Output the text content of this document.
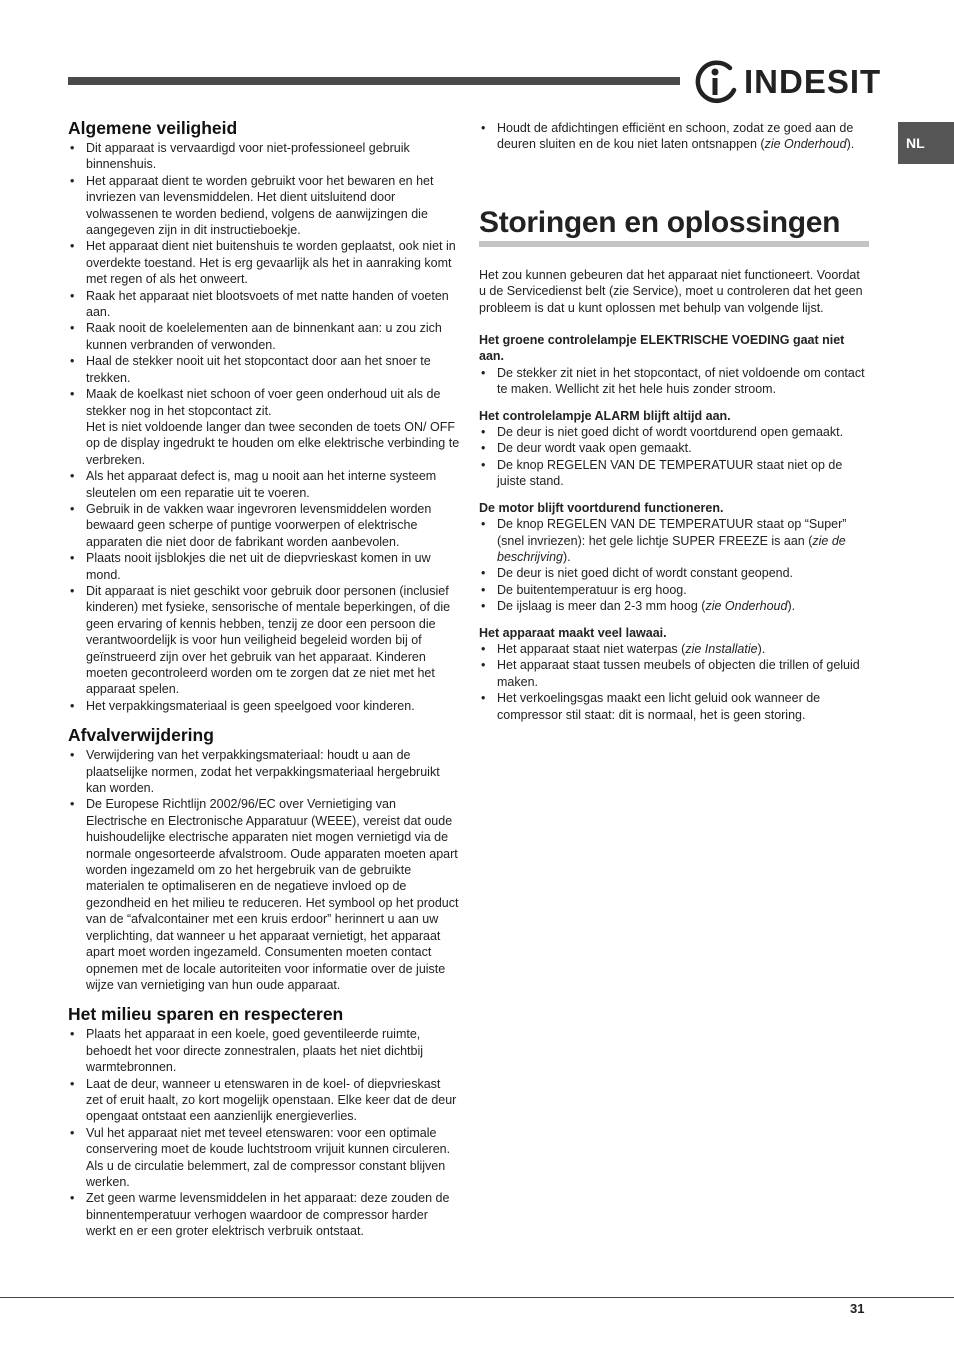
INDESIT
NL
Algemene veiligheid
• Dit apparaat is vervaardigd voor niet-professioneel gebruik binnenshuis.
• Het apparaat dient te worden gebruikt voor het bewaren en het invriezen van levensmiddelen. Het dient uitsluitend door volwassenen te worden bediend, volgens de aanwijzingen die aangegeven zijn in dit instructieboekje.
• Het apparaat dient niet buitenshuis te worden geplaatst, ook niet in overdekte toestand. Het is erg gevaarlijk als het in aanraking komt met regen of als het onweert.
• Raak het apparaat niet blootsvoets of met natte handen of voeten aan.
• Raak nooit de koelelementen aan de binnenkant aan: u zou zich kunnen verbranden of verwonden.
• Haal de stekker nooit uit het stopcontact door aan het snoer te trekken.
• Maak de koelkast niet schoon of voer geen onderhoud uit als de stekker nog in het stopcontact zit.
Het is niet voldoende langer dan twee seconden de toets ON/ OFF op de display ingedrukt te houden om elke elektrische verbinding te verbreken.
• Als het apparaat defect is, mag u nooit aan het interne systeem sleutelen om een reparatie uit te voeren.
• Gebruik in de vakken waar ingevroren levensmiddelen worden bewaard geen scherpe of puntige voorwerpen of elektrische apparaten die niet door de fabrikant worden aanbevolen.
• Plaats nooit ijsblokjes die net uit de diepvrieskast komen in uw mond.
• Dit apparaat is niet geschikt voor gebruik door personen (inclusief kinderen) met fysieke, sensorische of mentale beperkingen, of die geen ervaring of kennis hebben, tenzij ze door een persoon die verantwoordelijk is voor hun veiligheid begeleid worden bij of geïnstrueerd zijn over het gebruik van het apparaat. Kinderen moeten gecontroleerd worden om te zorgen dat ze niet met het apparaat spelen.
• Het verpakkingsmateriaal is geen speelgoed voor kinderen.
Afvalverwijdering
• Verwijdering van het verpakkingsmateriaal: houdt u aan de plaatselijke normen, zodat het verpakkingsmateriaal hergebruikt kan worden.
• De Europese Richtlijn 2002/96/EC over Vernietiging van Electrische en Electronische Apparatuur (WEEE), vereist dat oude huishoudelijke electrische apparaten niet mogen vernietigd via de normale ongesorteerde afvalstroom. Oude apparaten moeten apart worden ingezameld om zo het hergebruik van de gebruikte materialen te optimaliseren en de negatieve invloed op de gezondheid en het milieu te reduceren. Het symbool op het product van de “afvalcontainer met een kruis erdoor” herinnert u aan uw verplichting, dat wanneer u het apparaat vernietigt, het apparaat apart moet worden ingezameld. Consumenten moeten contact opnemen met de locale autoriteiten voor informatie over de juiste wijze van vernietiging van hun oude apparaat.
Het milieu sparen en respecteren
• Plaats het apparaat in een koele, goed geventileerde ruimte, behoedt het voor directe zonnestralen, plaats het niet dichtbij warmtebronnen.
• Laat de deur, wanneer u etenswaren in de koel- of diepvrieskast zet of eruit haalt, zo kort mogelijk openstaan. Elke keer dat de deur opengaat ontstaat een aanzienlijk energieverlies.
• Vul het apparaat niet met teveel etenswaren: voor een optimale conservering moet de koude luchtstroom vrijuit kunnen circuleren. Als u de circulatie belemmert, zal de compressor constant blijven werken.
• Zet geen warme levensmiddelen in het apparaat: deze zouden de binnentemperatuur verhogen waardoor de compressor harder werkt en er een groter elektrisch verbruik ontstaat.
• Houdt de afdichtingen efficiënt en schoon, zodat ze goed aan de deuren sluiten en de kou niet laten ontsnappen (zie Onderhoud).
Storingen en oplossingen

Het zou kunnen gebeuren dat het apparaat niet functioneert. Voordat u de Servicedienst belt (zie Service), moet u controleren dat het geen probleem is dat u kunt oplossen met behulp van volgende lijst.

Het groene controlelampje ELEKTRISCHE VOEDING gaat niet aan.
• De stekker zit niet in het stopcontact, of niet voldoende om contact te maken. Wellicht zit het hele huis zonder stroom.
Het controlelampje ALARM blijft altijd aan.
• De deur is niet goed dicht of wordt voortdurend open gemaakt.
• De deur wordt vaak open gemaakt.
• De knop REGELEN VAN DE TEMPERATUUR staat niet op de juiste stand.
De motor blijft voortdurend functioneren.
• De knop REGELEN VAN DE TEMPERATUUR staat op “Super” (snel invriezen): het gele lichtje SUPER FREEZE is aan (zie de beschrijving).
• De deur is niet goed dicht of wordt constant geopend.
• De buitentemperatuur is erg hoog.
• De ijslaag is meer dan 2-3 mm hoog (zie Onderhoud).
Het apparaat maakt veel lawaai.
• Het apparaat staat niet waterpas (zie Installatie).
• Het apparaat staat tussen meubels of objecten die trillen of geluid maken.
• Het verkoelingsgas maakt een licht geluid ook wanneer de compressor stil staat: dit is normaal, het is geen storing.
31
